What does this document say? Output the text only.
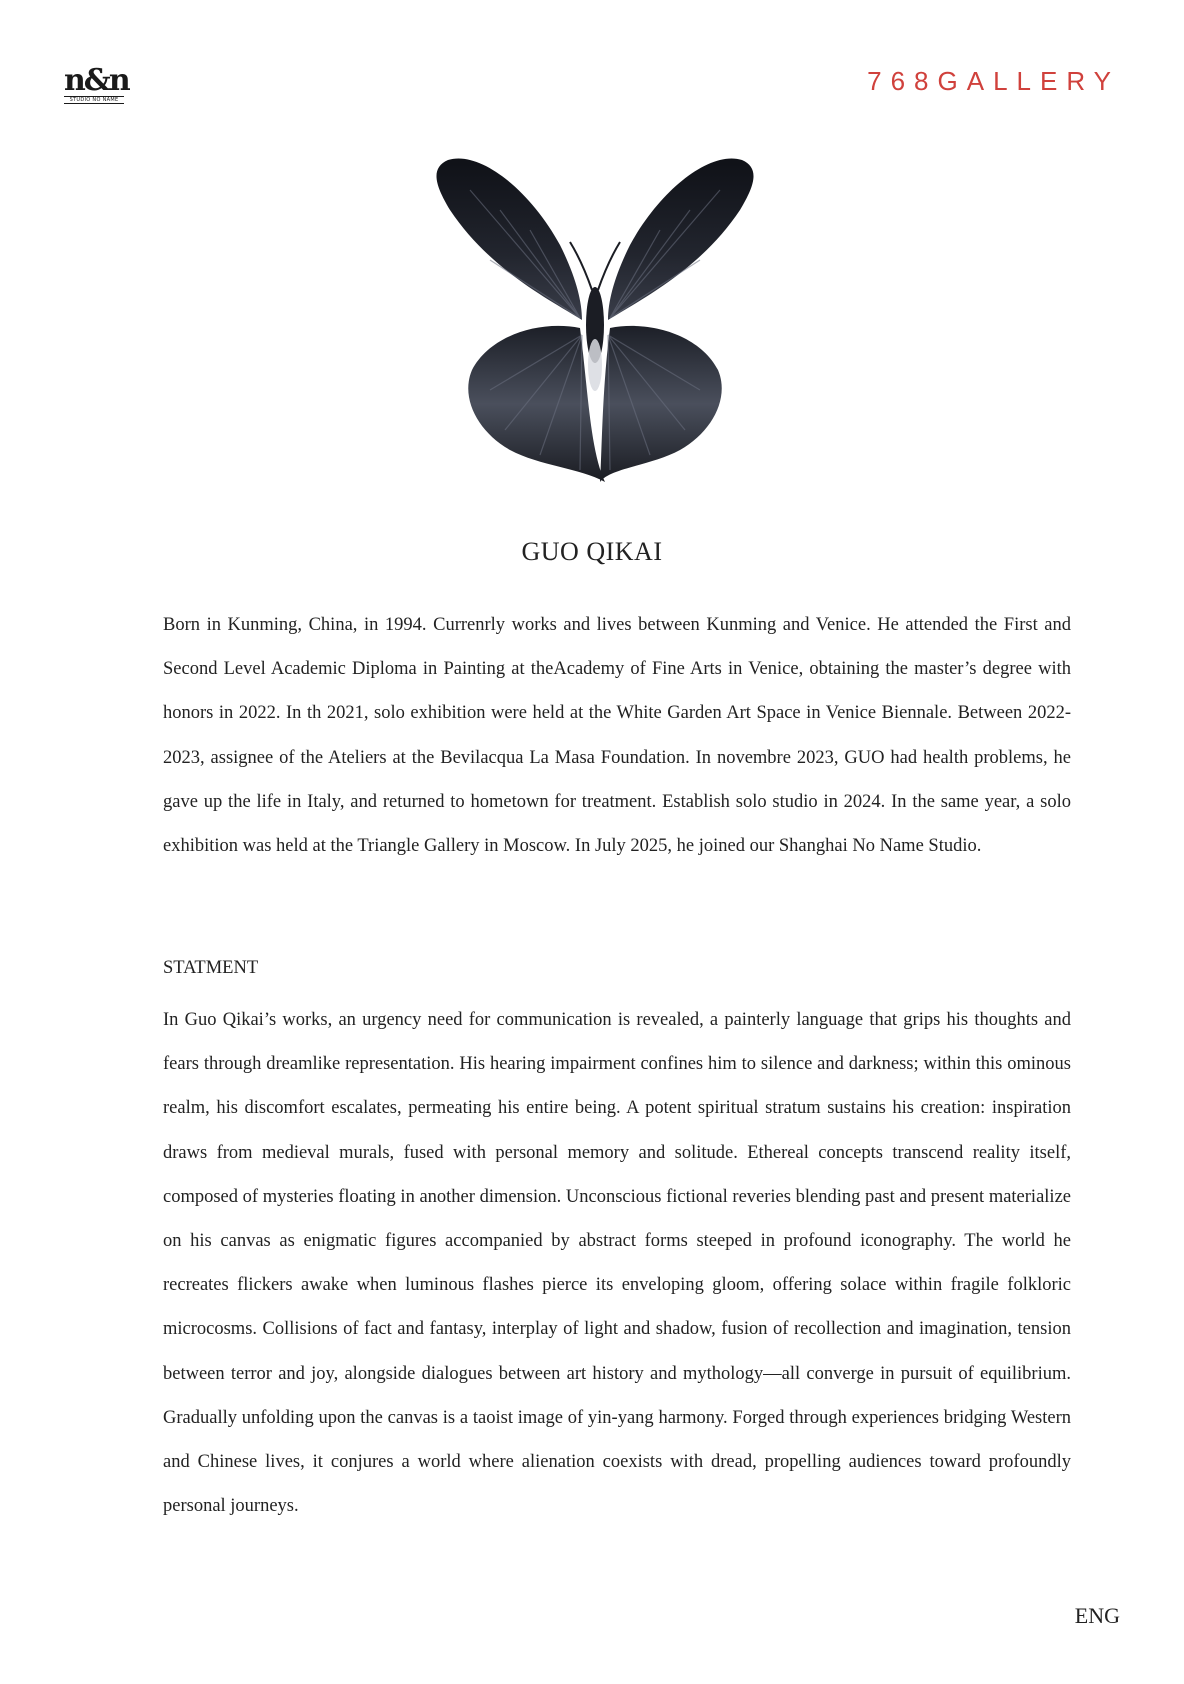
n&n
STUDIO NO NAME
768GALLERY
GUO QIKAI

Born in Kunming, China, in 1994. Currenrly works and lives between Kunming and Venice. He attended the First and Second Level Academic Diploma in Painting at theAcademy of Fine Arts in Venice, obtaining the master’s degree with honors in 2022. In th 2021, solo exhibition were held at the White Garden Art Space in Venice Biennale. Between 2022-2023, assignee of the Ateliers at the Bevilacqua La Masa Foundation. In novembre 2023, GUO had health problems, he gave up the life in Italy, and returned to hometown for treatment. Establish solo studio in 2024. In the same year, a solo exhibition was held at the Triangle Gallery in Moscow. In July 2025, he joined our Shanghai No Name Studio.

STATMENT

In Guo Qikai’s works, an urgency need for communication is revealed, a painterly language that grips his thoughts and fears through dreamlike representation. His hearing impairment confines him to silence and darkness; within this ominous realm, his discomfort escalates, permeating his entire being. A potent spiritual stratum sustains his creation: inspiration draws from medieval murals, fused with personal memory and solitude. Ethereal concepts transcend reality itself, composed of mysteries floating in another dimension. Unconscious fictional reveries blending past and present materialize on his canvas as enigmatic figures accompanied by abstract forms steeped in profound iconography. The world he recreates flickers awake when luminous flashes pierce its enveloping gloom, offering solace within fragile folkloric microcosms. Collisions of fact and fantasy, interplay of light and shadow, fusion of recollection and imagination, tension between terror and joy, alongside dialogues between art history and mythology—all converge in pursuit of equilibrium. Gradually unfolding upon the canvas is a taoist image of yin-yang harmony. Forged through experiences bridging Western and Chinese lives, it conjures a world where alienation coexists with dread, propelling audiences toward profoundly personal journeys.

ENG
